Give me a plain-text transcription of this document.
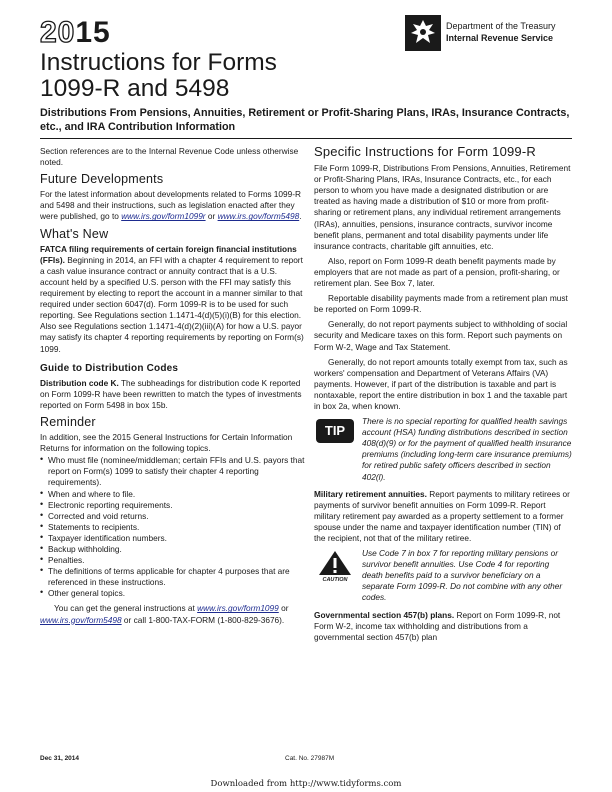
2015	Department of the Treasury
Internal Revenue Service
Instructions for Forms
1099-R and 5498
Distributions From Pensions, Annuities, Retirement or Profit-Sharing Plans, IRAs, Insurance Contracts, etc., and IRA Contribution Information

Section references are to the Internal Revenue Code unless otherwise noted.

Future Developments

For the latest information about developments related to Forms 1099-R and 5498 and their instructions, such as legislation enacted after they were published, go to www.irs.gov/form1099r or www.irs.gov/form5498.

What's New

FATCA filing requirements of certain foreign financial institutions (FFIs). Beginning in 2014, an FFI with a chapter 4 requirement to report a cash value insurance contract or annuity contract that is a U.S. account held by a specified U.S. person with the FFI may satisfy this requirement by electing to report the account in a manner similar to that required under section 6047(d). Form 1099-R is to be used for such reporting. See Regulations section 1.1471-4(d)(5)(i)(B) for this election. Also see Regulations section 1.1471-4(d)(2)(iii)(A) for how a U.S. payor may satisfy its chapter 4 reporting requirements by reporting on Form(s) 1099.

Guide to Distribution Codes

Distribution code K. The subheadings for distribution code K reported on Form 1099-R have been rewritten to match the types of investments reported on Form 5498 in box 15b.

Reminder

In addition, see the 2015 General Instructions for Certain Information Returns for information on the following topics.

• Who must file (nominee/middleman; certain FFIs and U.S. payors that report on Form(s) 1099 to satisfy their chapter 4 reporting requirements).
• When and where to file.
• Electronic reporting requirements.
• Corrected and void returns.
• Statements to recipients.
• Taxpayer identification numbers.
• Backup withholding.
• Penalties.
• The definitions of terms applicable for chapter 4 purposes that are referenced in these instructions.
• Other general topics.

You can get the general instructions at www.irs.gov/form1099 or www.irs.gov/form5498 or call 1-800-TAX-FORM (1-800-829-3676).

Specific Instructions for Form 1099-R

File Form 1099-R, Distributions From Pensions, Annuities, Retirement or Profit-Sharing Plans, IRAs, Insurance Contracts, etc., for each person to whom you have made a designated distribution or are treated as having made a distribution of $10 or more from profit-sharing or retirement plans, any individual retirement arrangements (IRAs), annuities, pensions, insurance contracts, survivor income benefit plans, permanent and total disability payments under life insurance contracts, charitable gift annuities, etc.

Also, report on Form 1099-R death benefit payments made by employers that are not made as part of a pension, profit-sharing, or retirement plan. See Box 7, later.

Reportable disability payments made from a retirement plan must be reported on Form 1099-R.

Generally, do not report payments subject to withholding of social security and Medicare taxes on this form. Report such payments on Form W-2, Wage and Tax Statement.

Generally, do not report amounts totally exempt from tax, such as workers' compensation and Department of Veterans Affairs (VA) payments. However, if part of the distribution is taxable and part is nontaxable, report the entire distribution in box 1 and the taxable part in box 2a, when known.

TIP
There is no special reporting for qualified health savings account (HSA) funding distributions described in section 408(d)(9) or for the payment of qualified health insurance premiums (including long-term care insurance premiums) for retired public safety officers described in section 402(l).

Military retirement annuities. Report payments to military retirees or payments of survivor benefit annuities on Form 1099-R. Report military retirement pay awarded as a property settlement to a former spouse under the name and taxpayer identification number (TIN) of the recipient, not that of the military retiree.

CAUTION
Use Code 7 in box 7 for reporting military pensions or survivor benefit annuities. Use Code 4 for reporting death benefits paid to a survivor beneficiary on a separate Form 1099-R. Do not combine with any other codes.

Governmental section 457(b) plans. Report on Form 1099-R, not Form W-2, income tax withholding and distributions from a governmental section 457(b) plan

Dec 31, 2014	Cat. No. 27987M
Downloaded from http://www.tidyforms.com
